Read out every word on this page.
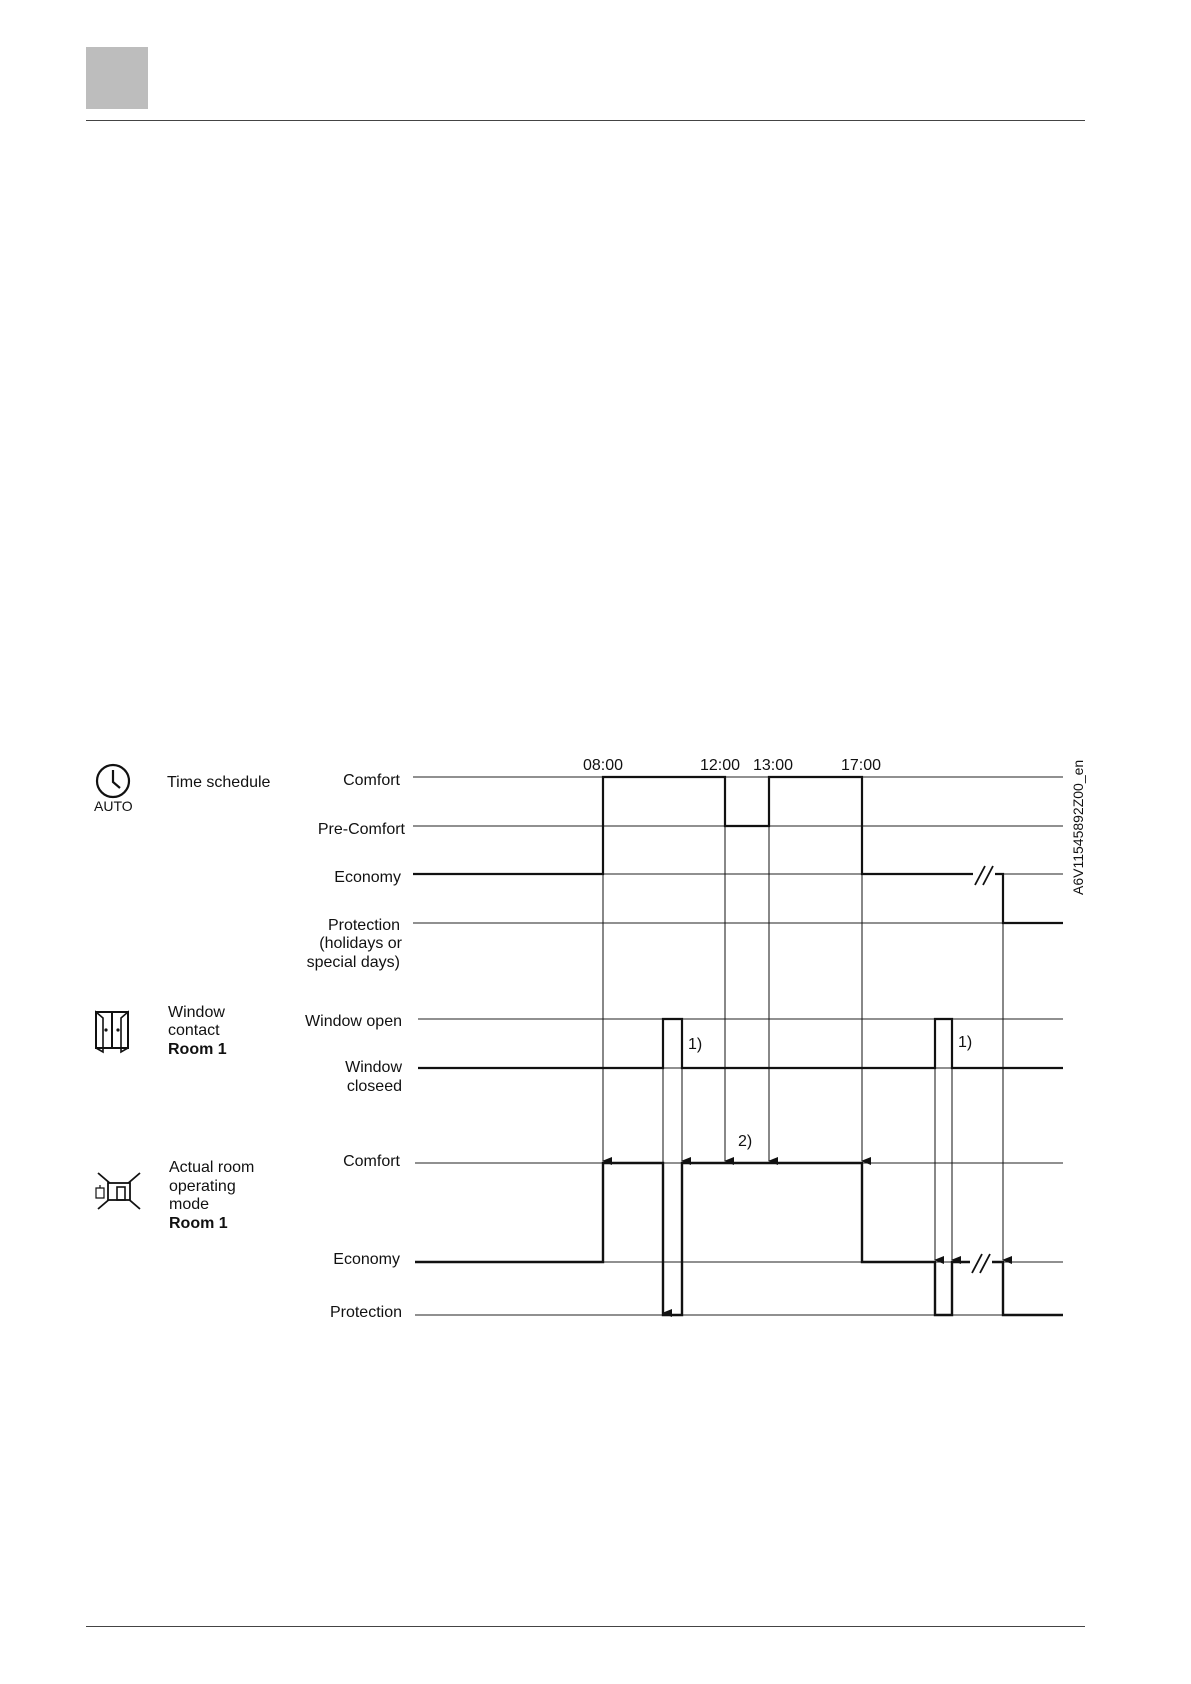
08:00	12:00 13:00	17:00
AUTO
Time schedule	Comfort
Pre-Comfort
Economy
Protection
(holidays or
special days)
Window
contact
Room 1
Window open
Window
closeed
1)	1)
Actual room
operating
mode
Room 1
Comfort
Economy
Protection
2)
A6V11545892Z00_en
